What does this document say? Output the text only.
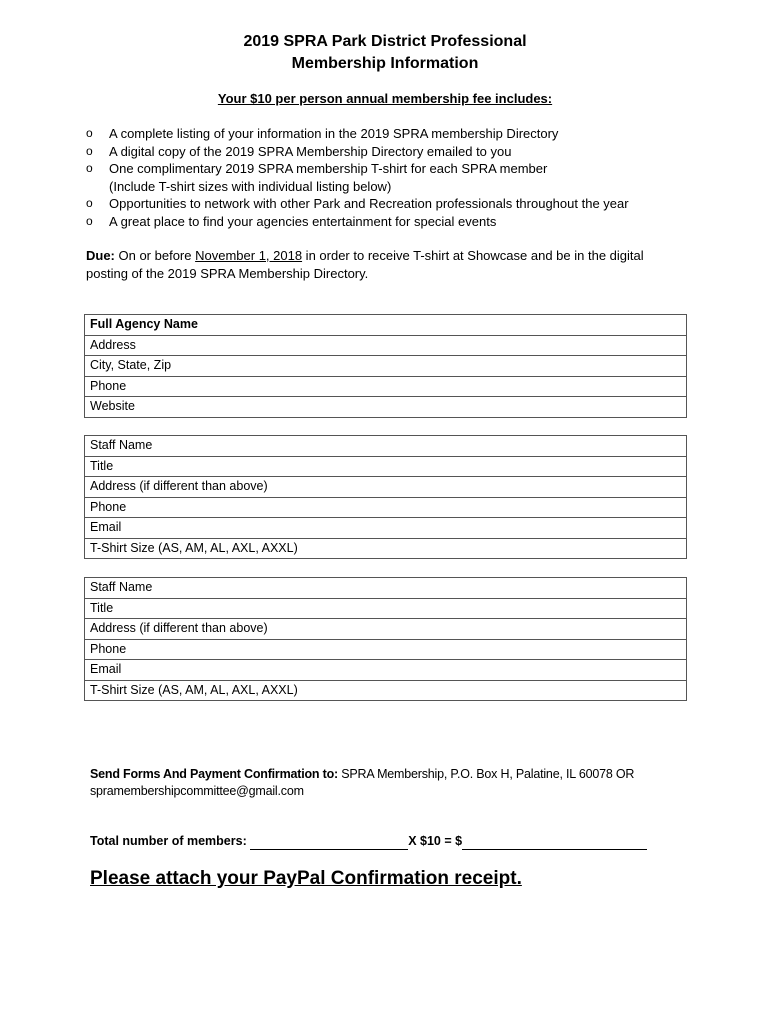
2019 SPRA Park District Professional
Membership Information
Your $10 per person annual membership fee includes:
o	A complete listing of your information in the 2019 SPRA membership Directory
o	A digital copy of the 2019 SPRA Membership Directory emailed to you
o	One complimentary 2019 SPRA membership T-shirt for each SPRA member
(Include T-shirt sizes with individual listing below)
o	Opportunities to network with other Park and Recreation professionals throughout the year
o	A great place to find your agencies entertainment for special events
Due: On or before November 1, 2018 in order to receive T-shirt at Showcase and be in the digital posting of the 2019 SPRA Membership Directory.
Full Agency Name
Address
City, State, Zip
Phone
Website
Staff Name
Title
Address (if different than above)
Phone
Email
T-Shirt Size (AS, AM, AL, AXL, AXXL)
Staff Name
Title
Address (if different than above)
Phone
Email
T-Shirt Size (AS, AM, AL, AXL, AXXL)
Send Forms And Payment Confirmation to: SPRA Membership, P.O. Box H, Palatine, IL 60078 OR
spramembershipcommittee@gmail.com
Total number of members:	X $10 = $
Please attach your PayPal Confirmation receipt.
